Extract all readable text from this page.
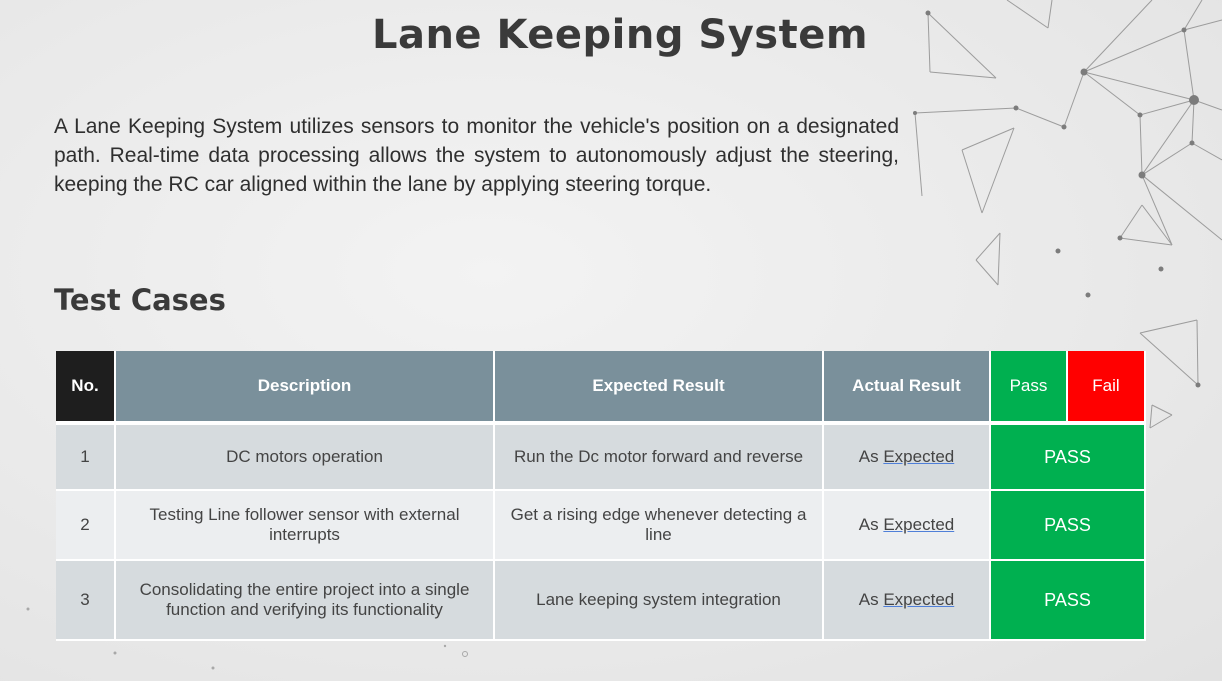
Lane Keeping System

A Lane Keeping System utilizes sensors to monitor the vehicle's position on a designated path. Real-time data processing allows the system to autonomously adjust the steering, keeping the RC car aligned within the lane by applying steering torque.

Test Cases
No.	Description	Expected Result	Actual Result	Pass	Fail
1	DC motors operation	Run the Dc motor forward and reverse	As Expected	PASS	
2	Testing Line follower sensor with external interrupts	Get a rising edge whenever detecting a line	As Expected	PASS	
3	Consolidating the entire project into a single function and verifying its functionality	Lane keeping system integration	As Expected	PASS	
